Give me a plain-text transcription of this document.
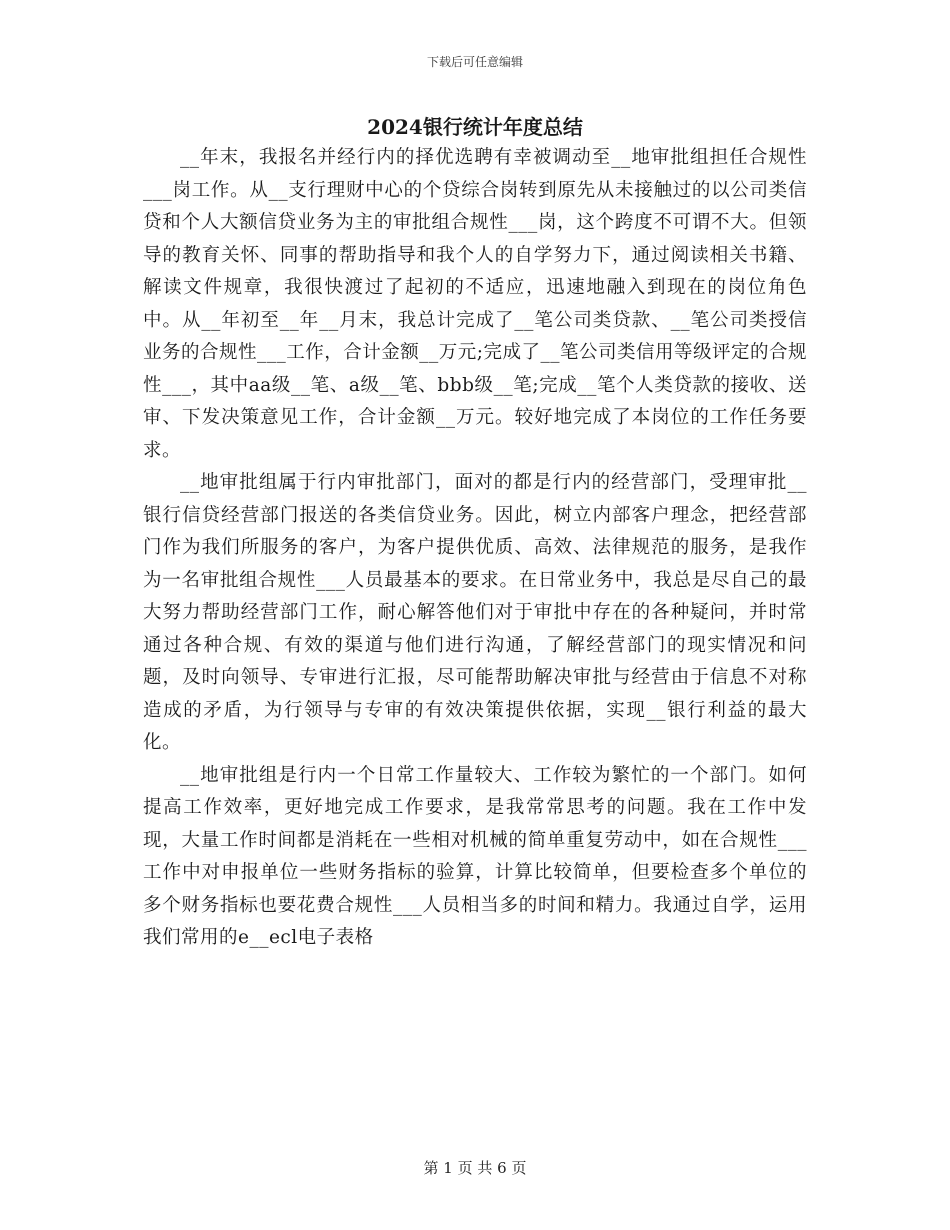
下载后可任意编辑
2024银行统计年度总结

__年末，我报名并经行内的择优选聘有幸被调动至__地审批组担任合规性___岗工作。从__支行理财中心的个贷综合岗转到原先从未接触过的以公司类信贷和个人大额信贷业务为主的审批组合规性___岗，这个跨度不可谓不大。但领导的教育关怀、同事的帮助指导和我个人的自学努力下，通过阅读相关书籍、解读文件规章，我很快渡过了起初的不适应，迅速地融入到现在的岗位角色中。从__年初至__年__月末，我总计完成了__笔公司类贷款、__笔公司类授信业务的合规性___工作，合计金额__万元;完成了__笔公司类信用等级评定的合规性___，其中aa级__笔、a级__笔、bbb级__笔;完成__笔个人类贷款的接收、送审、下发决策意见工作，合计金额__万元。较好地完成了本岗位的工作任务要求。

__地审批组属于行内审批部门，面对的都是行内的经营部门，受理审批__银行信贷经营部门报送的各类信贷业务。因此，树立内部客户理念，把经营部门作为我们所服务的客户，为客户提供优质、高效、法律规范的服务，是我作为一名审批组合规性___人员最基本的要求。在日常业务中，我总是尽自己的最大努力帮助经营部门工作，耐心解答他们对于审批中存在的各种疑问，并时常通过各种合规、有效的渠道与他们进行沟通，了解经营部门的现实情况和问题，及时向领导、专审进行汇报，尽可能帮助解决审批与经营由于信息不对称造成的矛盾，为行领导与专审的有效决策提供依据，实现__银行利益的最大化。

__地审批组是行内一个日常工作量较大、工作较为繁忙的一个部门。如何提高工作效率，更好地完成工作要求，是我常常思考的问题。我在工作中发现，大量工作时间都是消耗在一些相对机械的简单重复劳动中，如在合规性___工作中对申报单位一些财务指标的验算，计算比较简单，但要检查多个单位的多个财务指标也要花费合规性___人员相当多的时间和精力。我通过自学，运用我们常用的e__ecl电子表格

第 1 页 共 6 页
